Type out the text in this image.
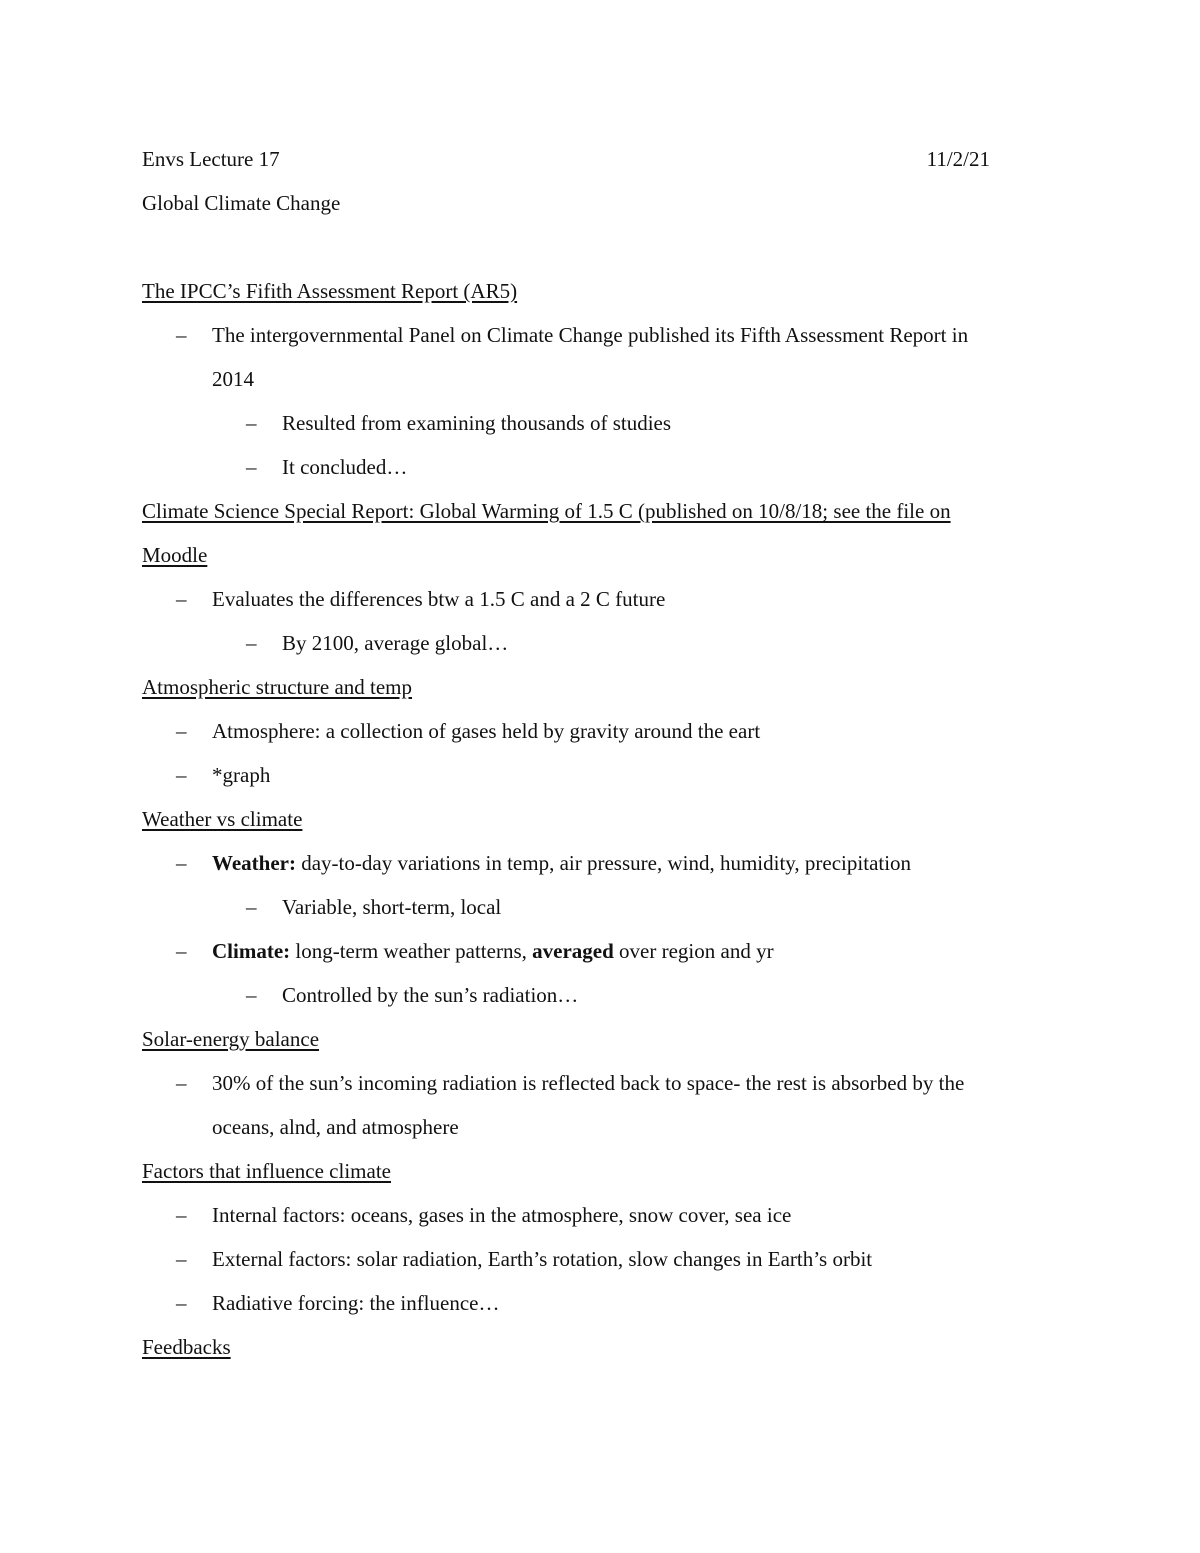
Envs Lecture 17	11/2/21
Global Climate Change
The IPCC’s Fifith Assessment Report (AR5)
–	The intergovernmental Panel on Climate Change published its Fifth Assessment Report in
2014
–	Resulted from examining thousands of studies
–	It concluded…
Climate Science Special Report: Global Warming of 1.5 C (published on 10/8/18; see the file on
Moodle
–	Evaluates the differences btw a 1.5 C and a 2 C future
–	By 2100, average global…
Atmospheric structure and temp
–	Atmosphere: a collection of gases held by gravity around the eart
–	*graph
Weather vs climate
–	Weather: day-to-day variations in temp, air pressure, wind, humidity, precipitation
–	Variable, short-term, local
–	Climate: long-term weather patterns, averaged over region and yr
–	Controlled by the sun’s radiation…
Solar-energy balance
–	30% of the sun’s incoming radiation is reflected back to space- the rest is absorbed by the
oceans, alnd, and atmosphere
Factors that influence climate
–	Internal factors: oceans, gases in the atmosphere, snow cover, sea ice
–	External factors: solar radiation, Earth’s rotation, slow changes in Earth’s orbit
–	Radiative forcing: the influence…
Feedbacks
